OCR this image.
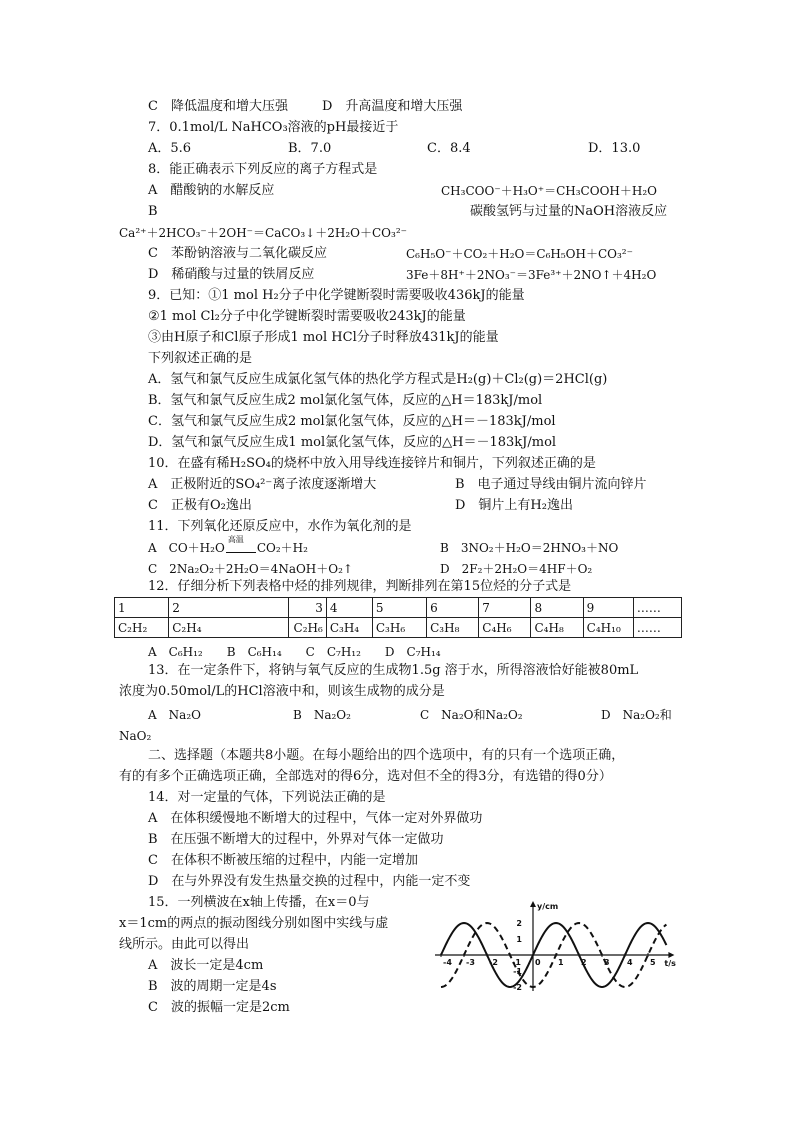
C　降低温度和增大压强	D　升高温度和增大压强
7．0.1mol/L NaHCO₃溶液的pH最接近于
A．5.6	B．7.0	C．8.4	D．13.0
8．能正确表示下列反应的离子方程式是
A　醋酸钠的水解反应	CH₃COO⁻＋H₃O⁺＝CH₃COOH＋H₂O
B	碳酸氢钙与过量的NaOH溶液反应
Ca²⁺＋2HCO₃⁻＋2OH⁻＝CaCO₃↓＋2H₂O＋CO₃²⁻
C　苯酚钠溶液与二氧化碳反应	C₆H₅O⁻＋CO₂＋H₂O＝C₆H₅OH＋CO₃²⁻
D　稀硝酸与过量的铁屑反应	3Fe＋8H⁺＋2NO₃⁻＝3Fe³⁺＋2NO↑＋4H₂O
9．已知：①1 mol H₂分子中化学键断裂时需要吸收436kJ的能量
②1 mol Cl₂分子中化学键断裂时需要吸收243kJ的能量
③由H原子和Cl原子形成1 mol HCl分子时释放431kJ的能量
下列叙述正确的是
A．氢气和氯气反应生成氯化氢气体的热化学方程式是H₂(g)＋Cl₂(g)＝2HCl(g)
B．氢气和氯气反应生成2 mol氯化氢气体，反应的△H＝183kJ/mol
C．氢气和氯气反应生成2 mol氯化氢气体，反应的△H＝－183kJ/mol
D．氢气和氯气反应生成1 mol氯化氢气体，反应的△H＝－183kJ/mol
10．在盛有稀H₂SO₄的烧杯中放入用导线连接锌片和铜片，下列叙述正确的是
A　正极附近的SO₄²⁻离子浓度逐渐增大	B　电子通过导线由铜片流向锌片
C　正极有O₂逸出	D　铜片上有H₂逸出
11．下列氧化还原反应中，水作为氧化剂的是
A　CO＋H₂O
高温
CO₂＋H₂	B　3NO₂＋H₂O＝2HNO₃＋NO
C　2Na₂O₂＋2H₂O＝4NaOH＋O₂↑	D　2F₂＋2H₂O＝4HF＋O₂
12．仔细分析下列表格中烃的排列规律，判断排列在第15位烃的分子式是
1	2	3	4	5	6	7	8	9	……
C₂H₂	C₂H₄	C₂H₆	C₃H₄	C₃H₆	C₃H₈	C₄H₆	C₄H₈	C₄H₁₀	……
A　C₆H₁₂　　B　C₆H₁₄　　C　C₇H₁₂　　D　C₇H₁₄
13．在一定条件下，将钠与氧气反应的生成物1.5g 溶于水，所得溶液恰好能被80mL
浓度为0.50mol/L的HCl溶液中和，则该生成物的成分是
A　Na₂O	B　Na₂O₂	C　Na₂O和Na₂O₂	D　Na₂O₂和
NaO₂
二、选择题（本题共8小题。在每小题给出的四个选项中，有的只有一个选项正确，
有的有多个正确选项正确，全部选对的得6分，选对但不全的得3分，有选错的得0分）
14．对一定量的气体，下列说法正确的是
A　在体积缓慢地不断增大的过程中，气体一定对外界做功
B　在压强不断增大的过程中，外界对气体一定做功
C　在体积不断被压缩的过程中，内能一定增加
D　在与外界没有发生热量交换的过程中，内能一定不变
15．一列横波在x轴上传播，在x＝0与
x＝1cm的两点的振动图线分别如图中实线与虚
线所示。由此可以得出
A　波长一定是4cm
B　波的周期一定是4s
C　波的振幅一定是2cm
-4 -3 -2 -1 0 1 2 3 4 5
2
1
-1
-2
y/cm
t/s
